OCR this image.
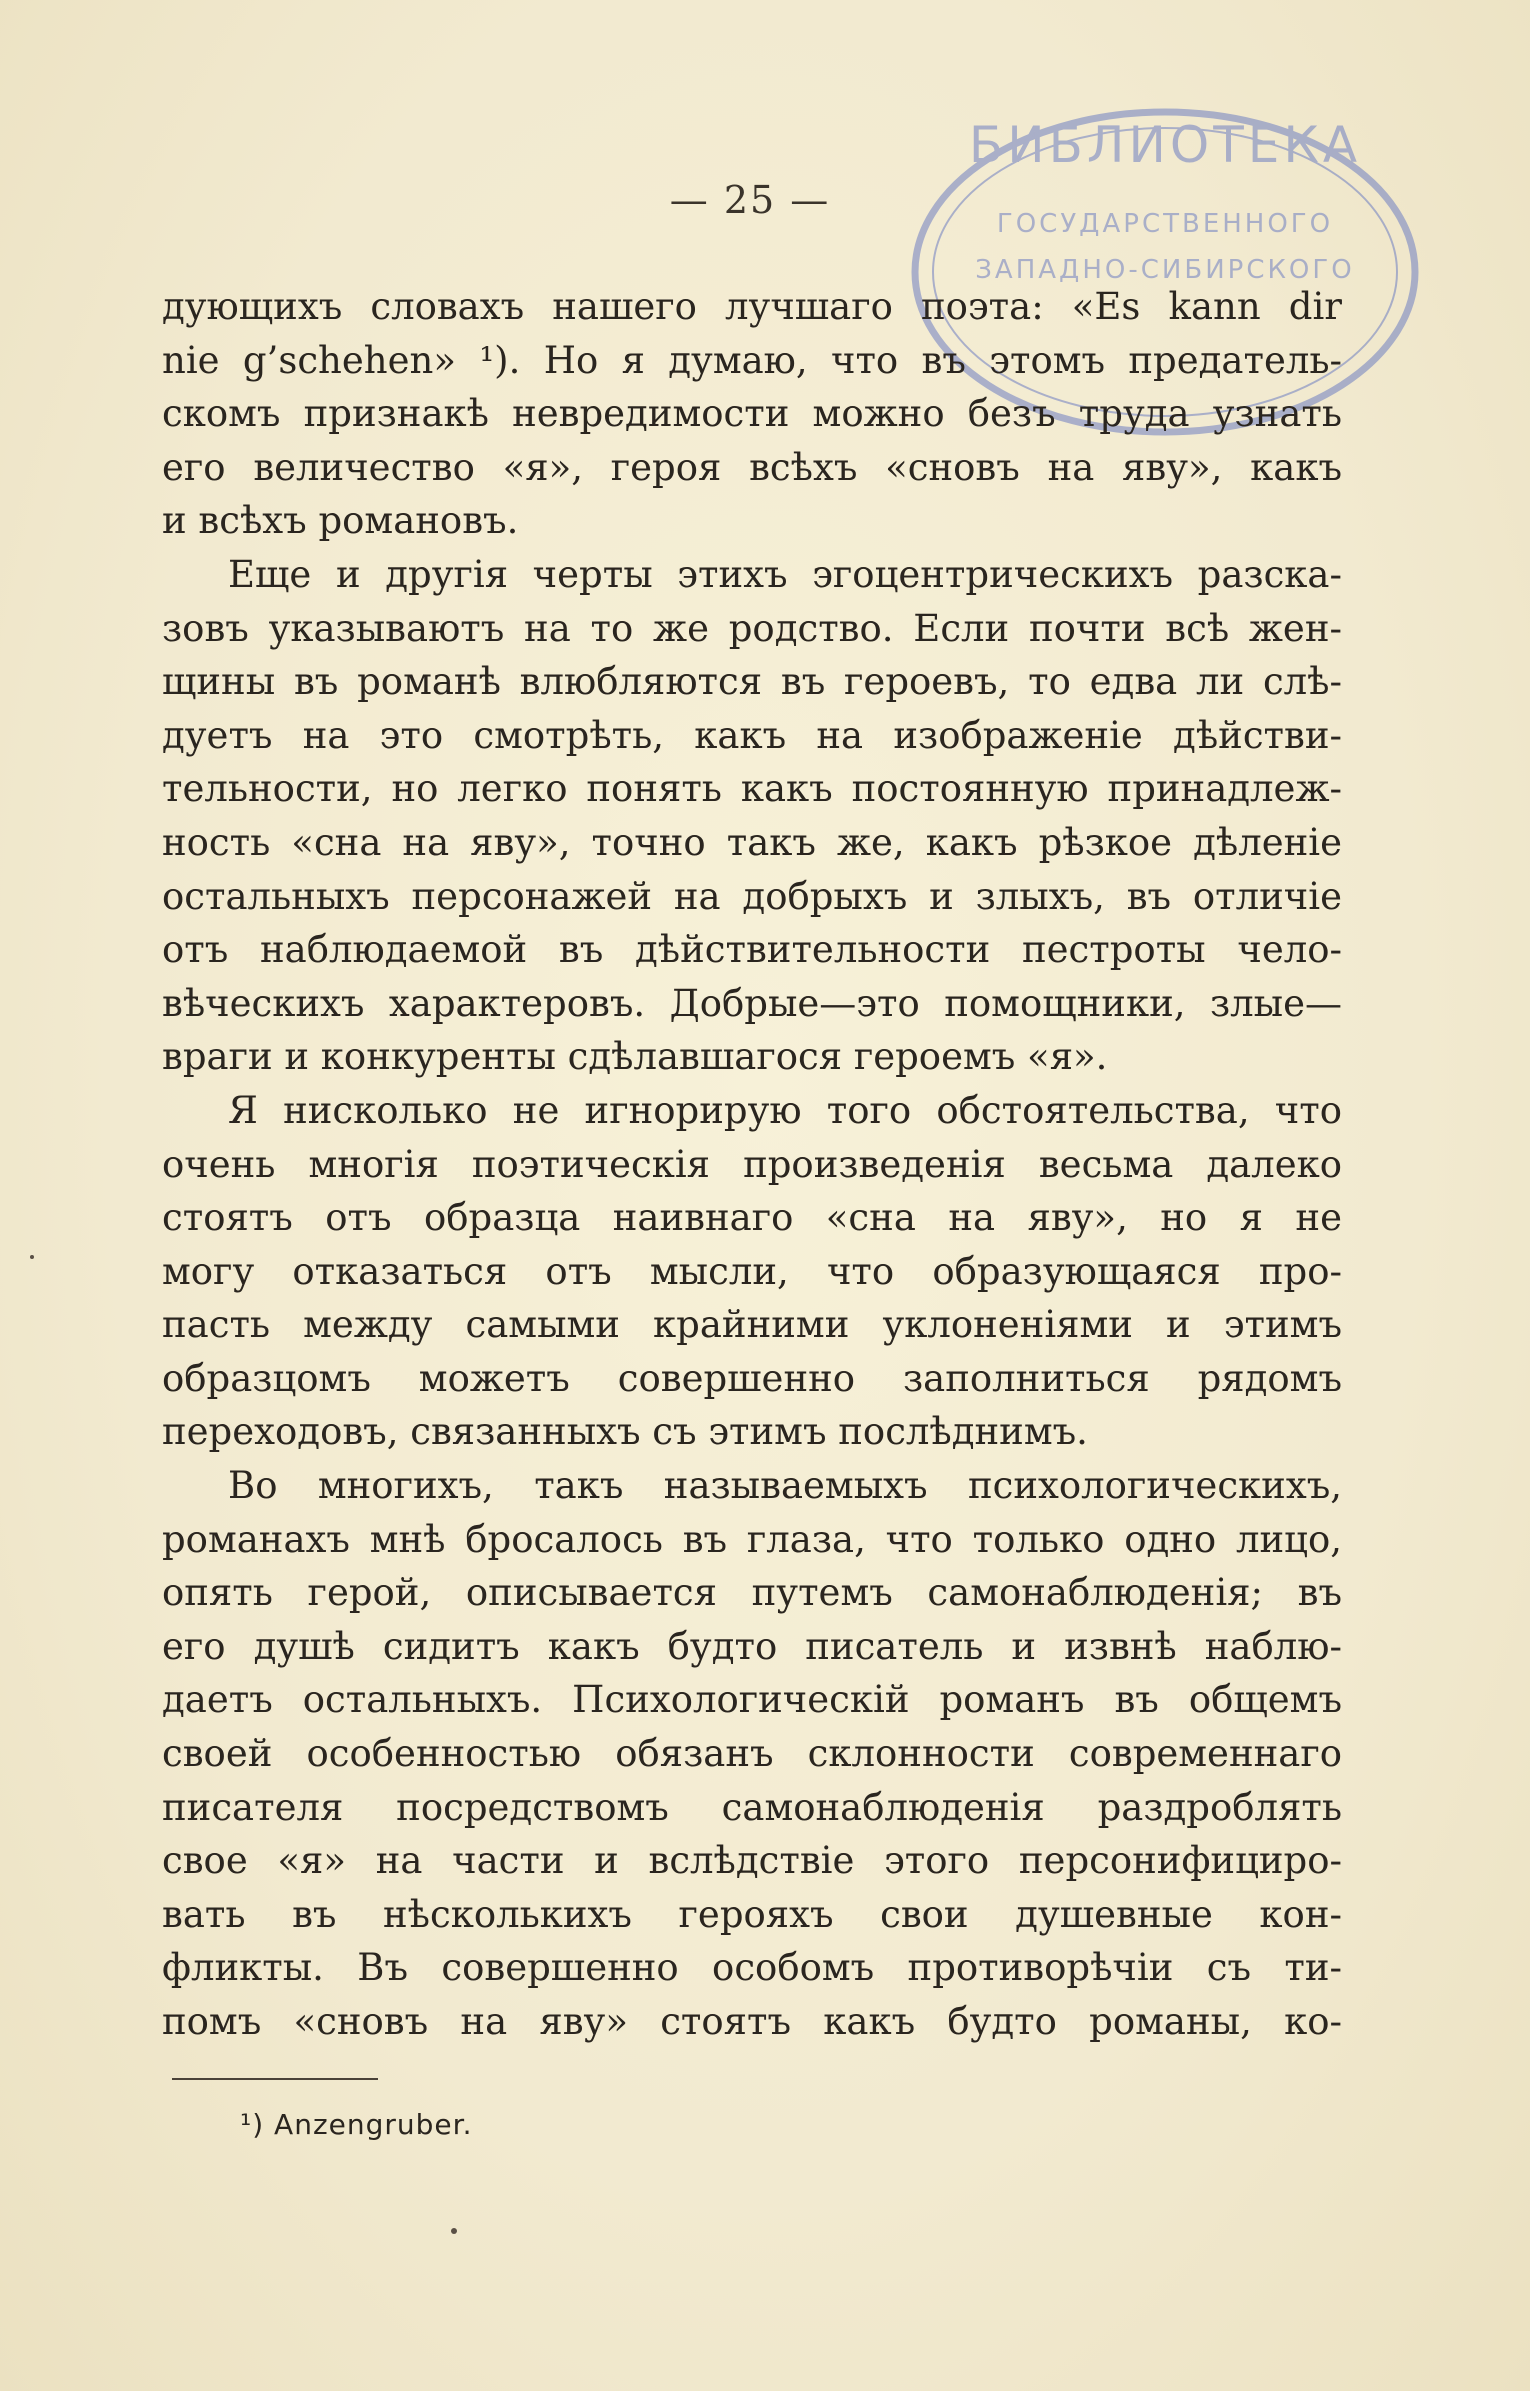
БИБЛИОТЕКА
ГОСУДАРСТВЕННОГО
ЗАПАДНО-СИБИРСКОГО
— 25 —
дующихъ словахъ нашего лучшаго поэта: «Es kann dir
nie g’schehen» ¹). Но я думаю, что въ этомъ предатель-
скомъ признакѣ невредимости можно безъ труда узнать
его величество «я», героя всѣхъ «сновъ на яву», какъ
и всѣхъ романовъ.
Еще и другія черты этихъ эгоцентрическихъ разска-
зовъ указываютъ на то же родство. Если почти всѣ жен-
щины въ романѣ влюбляются въ героевъ, то едва ли слѣ-
дуетъ на это смотрѣть, какъ на изображеніе дѣйстви-
тельности, но легко понять какъ постоянную принадлеж-
ность «сна на яву», точно такъ же, какъ рѣзкое дѣленіе
остальныхъ персонажей на добрыхъ и злыхъ, въ отличіе
отъ наблюдаемой въ дѣйствительности пестроты чело-
вѣческихъ характеровъ. Добрые—это помощники, злые—
враги и конкуренты сдѣлавшагося героемъ «я».
Я нисколько не игнорирую того обстоятельства, что
очень многія поэтическія произведенія весьма далеко
стоятъ отъ образца наивнаго «сна на яву», но я не
могу отказаться отъ мысли, что образующаяся про-
пасть между самыми крайними уклоненіями и этимъ
образцомъ можетъ совершенно заполниться рядомъ
переходовъ, связанныхъ съ этимъ послѣднимъ.
Во многихъ, такъ называемыхъ психологическихъ,
романахъ мнѣ бросалось въ глаза, что только одно лицо,
опять герой, описывается путемъ самонаблюденія; въ
его душѣ сидитъ какъ будто писатель и извнѣ наблю-
даетъ остальныхъ. Психологическій романъ въ общемъ
своей особенностью обязанъ склонности современнаго
писателя посредствомъ самонаблюденія раздроблять
свое «я» на части и вслѣдствіе этого персонифициро-
вать въ нѣсколькихъ герояхъ свои душевные кон-
фликты. Въ совершенно особомъ противорѣчіи съ ти-
помъ «сновъ на яву» стоятъ какъ будто романы, ко-
¹) Anzengruber.
